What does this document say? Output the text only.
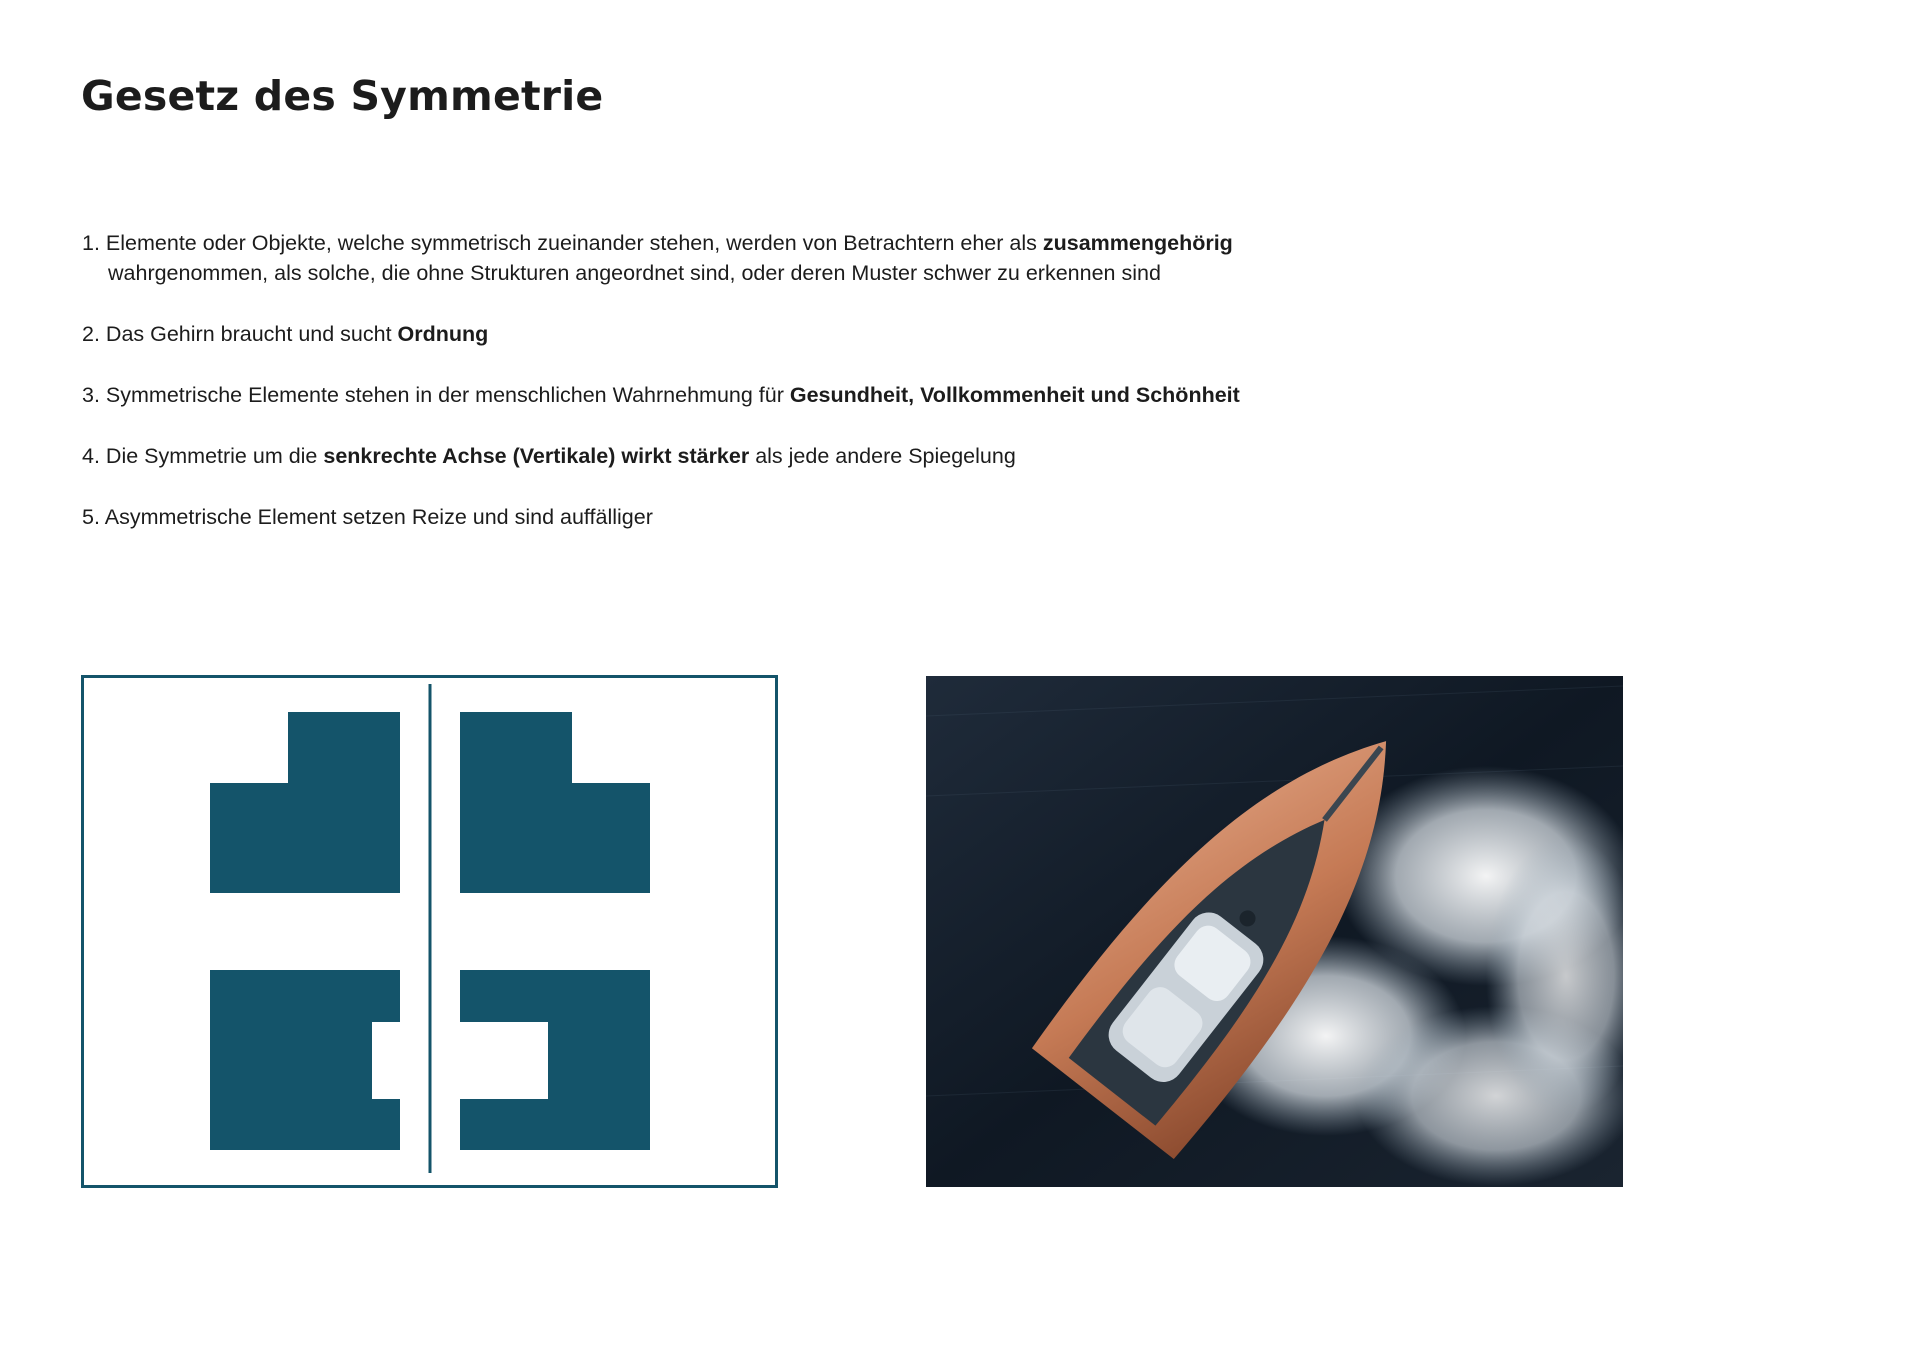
Gesetz des Symmetrie
1. Elemente oder Objekte, welche symmetrisch zueinander stehen, werden von Betrachtern eher als zusammengehörig
wahrgenommen, als solche, die ohne Strukturen angeordnet sind, oder deren Muster schwer zu erkennen sind
2. Das Gehirn braucht und sucht Ordnung
3. Symmetrische Elemente stehen in der menschlichen Wahrnehmung für Gesundheit, Vollkommenheit und Schönheit
4. Die Symmetrie um die senkrechte Achse (Vertikale) wirkt stärker als jede andere Spiegelung
5. Asymmetrische Element setzen Reize und sind auffälliger
